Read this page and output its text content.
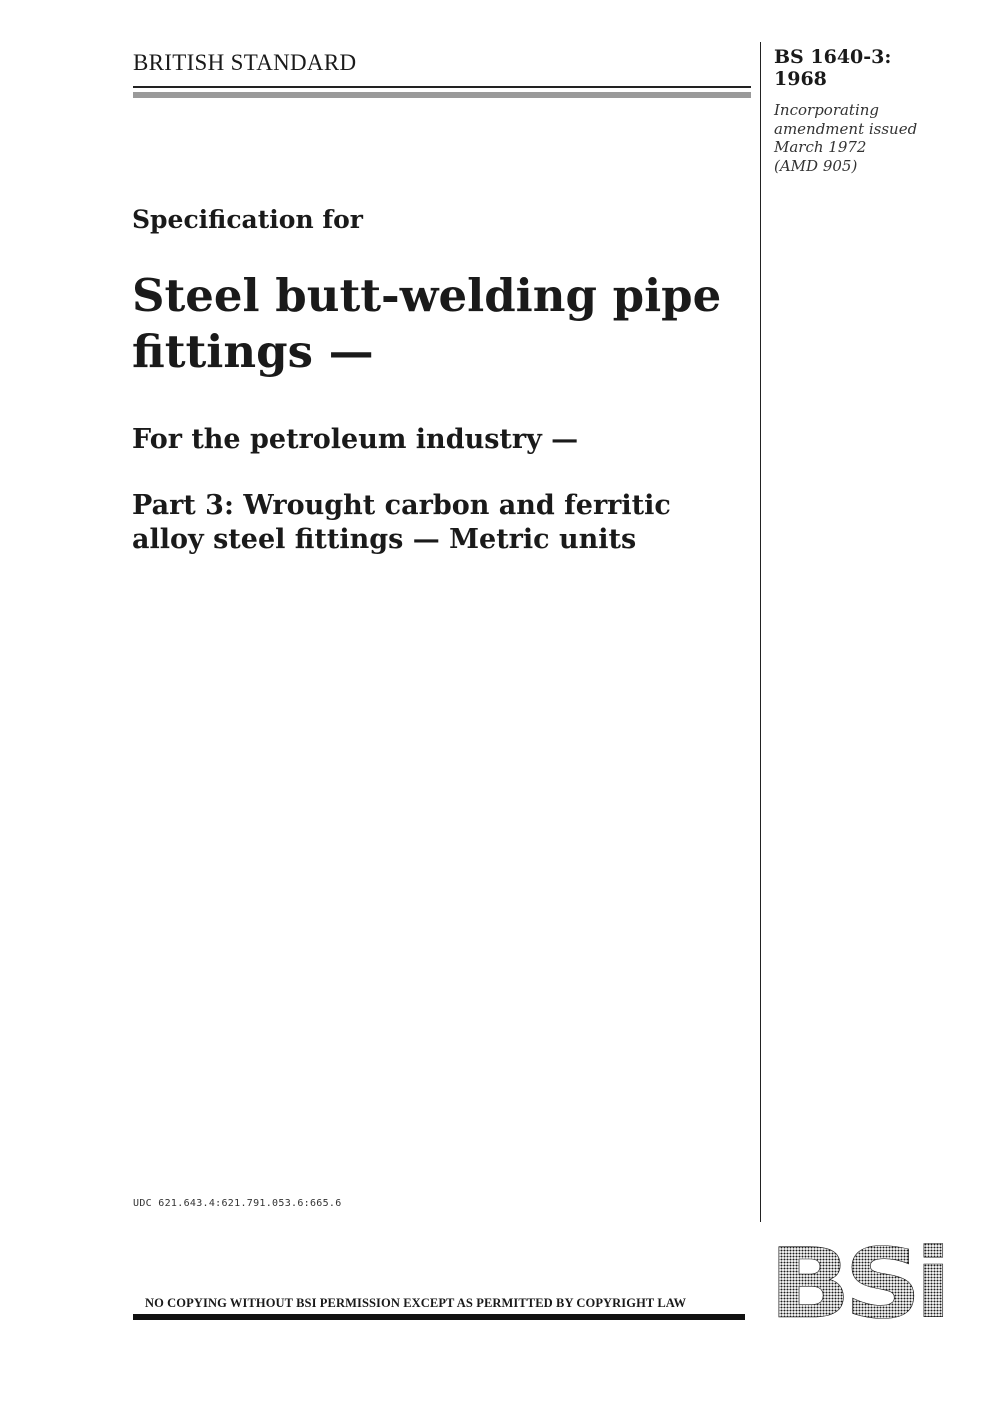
BRITISH STANDARD	BS 1640-3:
1968
Incorporating
amendment issued
March 1972
(AMD 905)
Specification for
Steel butt-welding pipe
fittings —
For the petroleum industry —
Part 3: Wrought carbon and ferritic
alloy steel fittings — Metric units
UDC 621.643.4:621.791.053.6:665.6
NO COPYING WITHOUT BSI PERMISSION EXCEPT AS PERMITTED BY COPYRIGHT LAW BSi
